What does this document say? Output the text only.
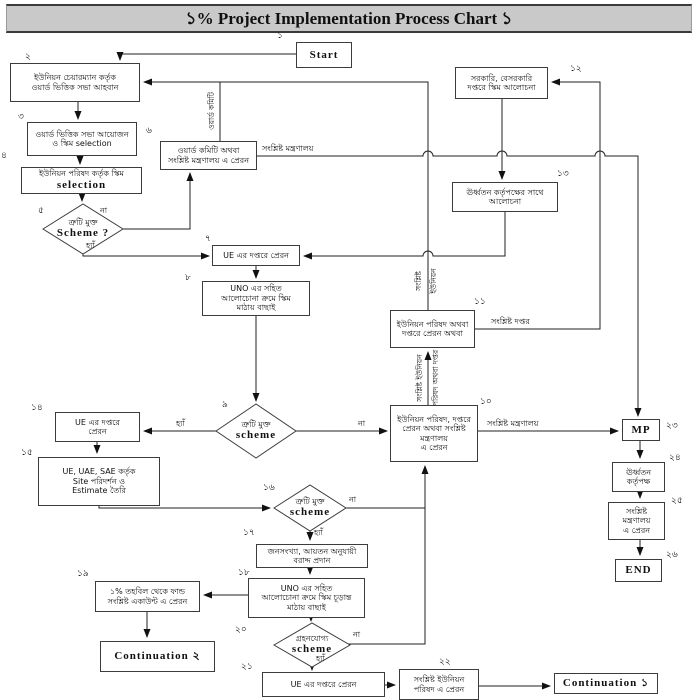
১% Project Implementation Process Chart ১
Start
ইউনিয়ন চেয়ারম্যান কর্তৃক
ওয়ার্ড ভিত্তিক সভা আহবান
ওয়ার্ড ভিত্তিক সভা আয়োজন
ও স্কিম selection
ইউনিয়ন পরিষদ কর্তৃক স্কিম
selection
ওয়ার্ড কমিটি অথবা
সংশ্লিষ্ট মন্ত্রণালয় এ প্রেরন
UE এর দপ্তরে প্রেরন
UNO এর সহিত
আলোচোনা ক্রমে স্কিম
মাঠায় বাছাই
ইউনিয়ন পরিষদ, দপ্তরে
প্রেরন অথবা সংশ্লিষ্ট
মন্ত্রণালয়
এ প্রেরন
ইউনিয়ন পরিষদ অথবা
দপ্তরে প্রেরন অথবা
সরকারি, বেসরকারি
দপ্তরে স্কিম আলোচনা
ঊর্ধ্বতন কর্তৃপক্ষের সাথে
আলোচনা
UE এর দপ্তরে
প্রেরন
UE, UAE, SAE কর্তৃক
Site পরিদর্শন ও
Estimate তৈরি
জনসংখ্যা, আয়তন অনুযায়ী
বরাদ্দ প্রদান
UNO এর সহিত
আলোচোনা ক্রমে স্কিম চূড়ান্ত
মাঠায় বাছাই
১% তহবিল থেকে ফান্ড
সংশ্লিষ্ট একাউন্ট এ প্রেরন
Continuation ২
UE এর দপ্তরে প্রেরন
সংশ্লিষ্ট ইউনিয়ন
পরিষদ এ প্রেরন	Continuation ১
MP
ঊর্ধ্বতন
কর্তৃপক্ষ
সংশ্লিষ্ট
মন্ত্রণালয়
এ প্রেরন
END
ত্রুটি মুক্ত
Scheme ?
ত্রুটি মুক্ত
scheme
ত্রুটি মুক্ত
scheme
গ্রহনযোগ্য
scheme
১
২
৩
৪
৫
৬
৭
৮
৯	১০
১১
১২
১৩
১৪
১৫
১৬
১৭
১৮
১৯
২০
২১	২২
২৩
২৪
২৫
২৬
সংশ্লিষ্ট মন্ত্রণালয়
সংশ্লিষ্ট দপ্তর
সংশ্লিষ্ট মন্ত্রণালয়
না
হ্যাঁ
হ্যাঁ	না
না
হ্যাঁ
না
হ্যাঁ
ওয়ার্ড কমিটি
সংশ্লিষ্ট ইউনিয়ন
সংশ্লিষ্ট ইউনিয়ন পরিষদ অথবা দপ্তর
